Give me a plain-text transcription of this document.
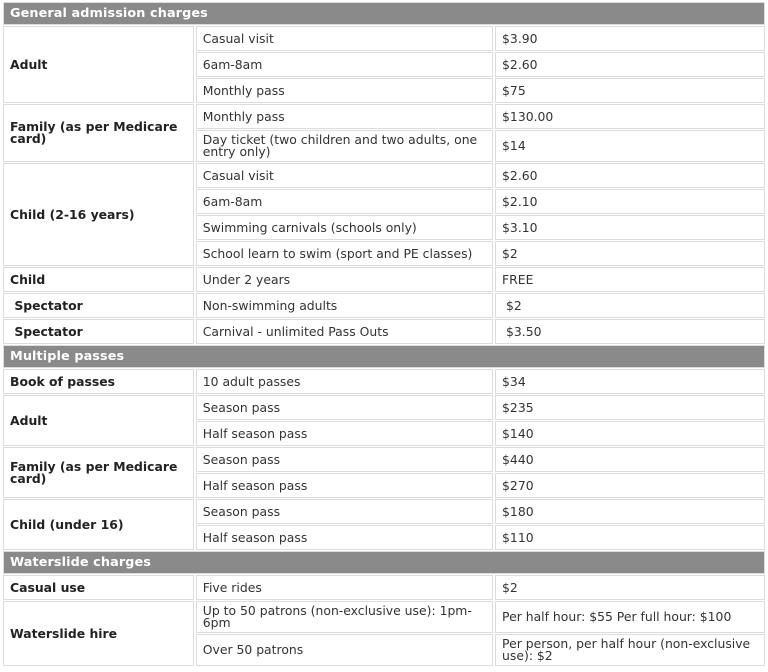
General admission charges		
Adult	Casual visit	$3.90
	6am-8am	$2.60
	Monthly pass	$75
Family (as per Medicare card)	Monthly pass	$130.00
	Day ticket (two children and two adults, one entry only)	$14
Child (2-16 years)	Casual visit	$2.60
	6am-8am	$2.10
	Swimming carnivals (schools only)	$3.10
	School learn to swim (sport and PE classes)	$2
Child	Under 2 years	FREE
Spectator	Non-swimming adults	$2
Spectator	Carnival - unlimited Pass Outs	$3.50
Multiple passes		
Book of passes	10 adult passes	$34
Adult	Season pass	$235
	Half season pass	$140
Family (as per Medicare card)	Season pass	$440
	Half season pass	$270
Child (under 16)	Season pass	$180
	Half season pass	$110
Waterslide charges		
Casual use	Five rides	$2
Waterslide hire	Up to 50 patrons (non-exclusive use): 1pm-6pm	Per half hour: $55 Per full hour: $100
	Over 50 patrons	Per person, per half hour (non-exclusive use): $2
